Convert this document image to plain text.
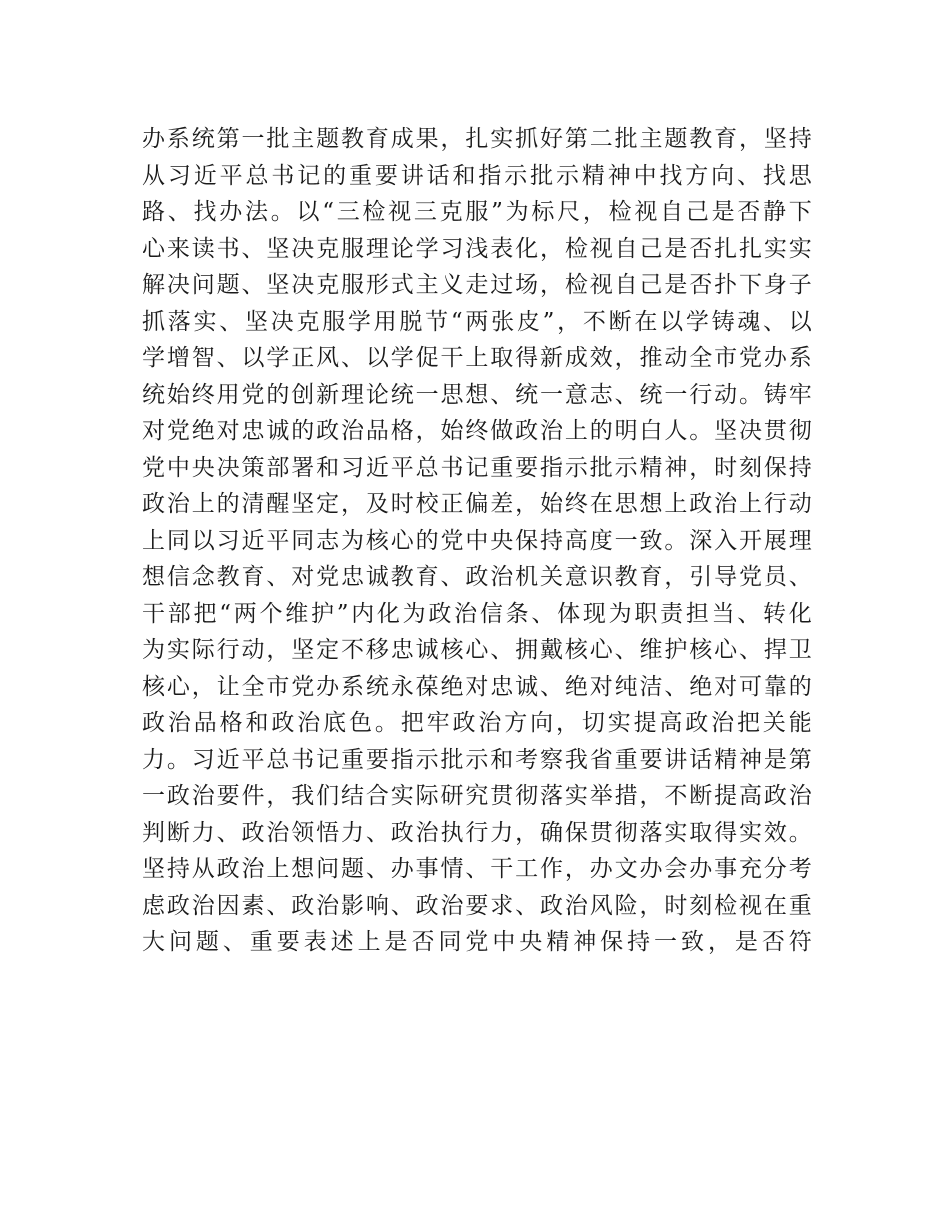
办系统第一批主题教育成果，扎实抓好第二批主题教育，坚持
从习近平总书记的重要讲话和指示批示精神中找方向、找思
路、找办法。以“三检视三克服”为标尺，检视自己是否静下
心来读书、坚决克服理论学习浅表化，检视自己是否扎扎实实
解决问题、坚决克服形式主义走过场，检视自己是否扑下身子
抓落实、坚决克服学用脱节“两张皮”，不断在以学铸魂、以
学增智、以学正风、以学促干上取得新成效，推动全市党办系
统始终用党的创新理论统一思想、统一意志、统一行动。铸牢
对党绝对忠诚的政治品格，始终做政治上的明白人。坚决贯彻
党中央决策部署和习近平总书记重要指示批示精神，时刻保持
政治上的清醒坚定，及时校正偏差，始终在思想上政治上行动
上同以习近平同志为核心的党中央保持高度一致。深入开展理
想信念教育、对党忠诚教育、政治机关意识教育，引导党员、
干部把“两个维护”内化为政治信条、体现为职责担当、转化
为实际行动，坚定不移忠诚核心、拥戴核心、维护核心、捍卫
核心，让全市党办系统永葆绝对忠诚、绝对纯洁、绝对可靠的
政治品格和政治底色。把牢政治方向，切实提高政治把关能
力。习近平总书记重要指示批示和考察我省重要讲话精神是第
一政治要件，我们结合实际研究贯彻落实举措，不断提高政治
判断力、政治领悟力、政治执行力，确保贯彻落实取得实效。
坚持从政治上想问题、办事情、干工作，办文办会办事充分考
虑政治因素、政治影响、政治要求、政治风险，时刻检视在重
大问题、重要表述上是否同党中央精神保持一致，是否符
